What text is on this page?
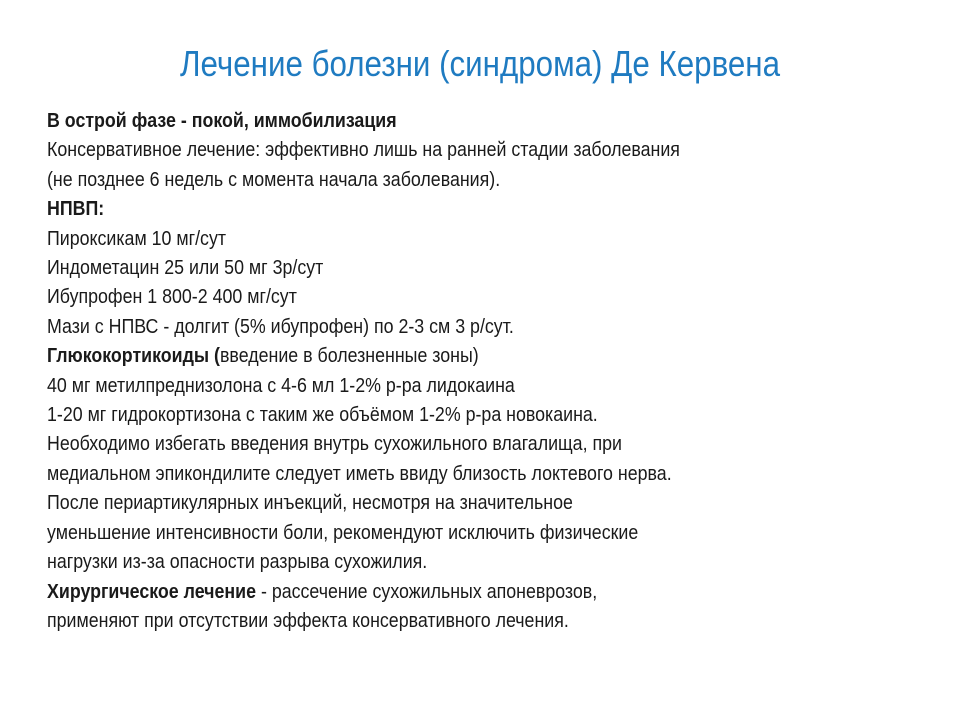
Лечение болезни (синдрома) Де Кервена
В острой фазе - покой, иммобилизация
Консервативное лечение: эффективно лишь на ранней стадии заболевания
(не позднее 6 недель с момента начала заболевания).
НПВП:
Пироксикам 10 мг/сут
Индометацин 25 или 50 мг 3р/сут
Ибупрофен 1 800-2 400 мг/сут
Мази с НПВС - долгит (5% ибупрофен) по 2-3 см 3 р/сут.
Глюкокортикоиды (введение в болезненные зоны)
40 мг метилпреднизолона с 4-6 мл 1-2% р-ра лидокаина
1-20 мг гидрокортизона с таким же объёмом 1-2% р-ра новокаина.
Необходимо избегать введения внутрь сухожильного влагалища, при
медиальном эпикондилите следует иметь ввиду близость локтевого нерва.
После периартикулярных инъекций, несмотря на значительное
уменьшение интенсивности боли, рекомендуют исключить физические
нагрузки из-за опасности разрыва сухожилия.
Хирургическое лечение - рассечение сухожильных апоневрозов,
применяют при отсутствии эффекта консервативного лечения.
